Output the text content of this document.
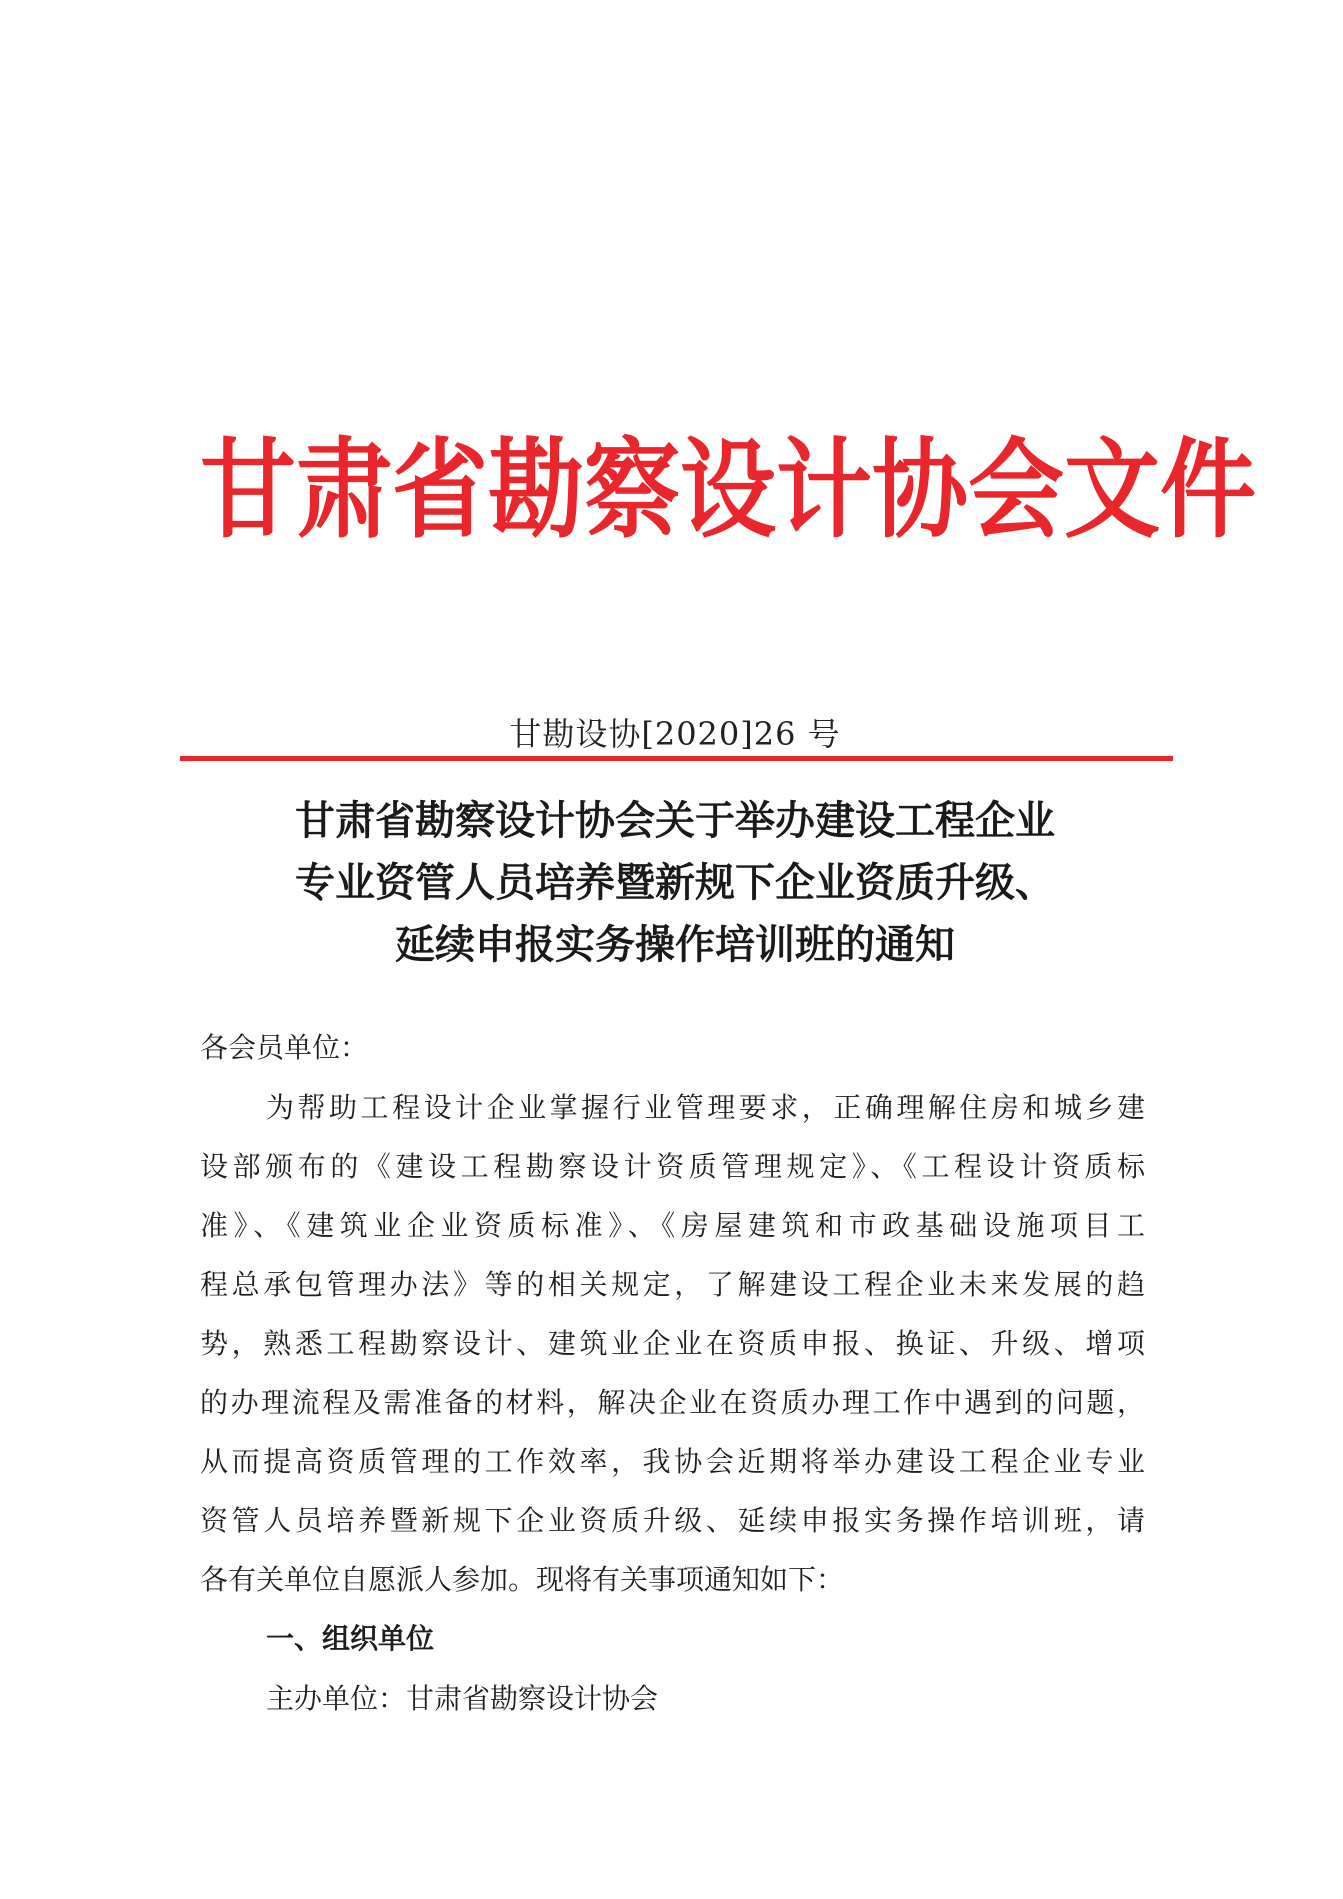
甘肃省勘察设计协会文件
甘勘设协[2020]26 号
甘肃省勘察设计协会关于举办建设工程企业
专业资管人员培养暨新规下企业资质升级、
延续申报实务操作培训班的通知
各会员单位：
为帮助工程设计企业掌握行业管理要求，正确理解住房和城乡建
设部颁布的《建设工程勘察设计资质管理规定》、《工程设计资质标
准》、《建筑业企业资质标准》、《房屋建筑和市政基础设施项目工
程总承包管理办法》等的相关规定，了解建设工程企业未来发展的趋
势，熟悉工程勘察设计、建筑业企业在资质申报、换证、升级、增项
的办理流程及需准备的材料，解决企业在资质办理工作中遇到的问题，
从而提高资质管理的工作效率，我协会近期将举办建设工程企业专业
资管人员培养暨新规下企业资质升级、延续申报实务操作培训班，请
各有关单位自愿派人参加。现将有关事项通知如下：
一、组织单位
主办单位：甘肃省勘察设计协会
